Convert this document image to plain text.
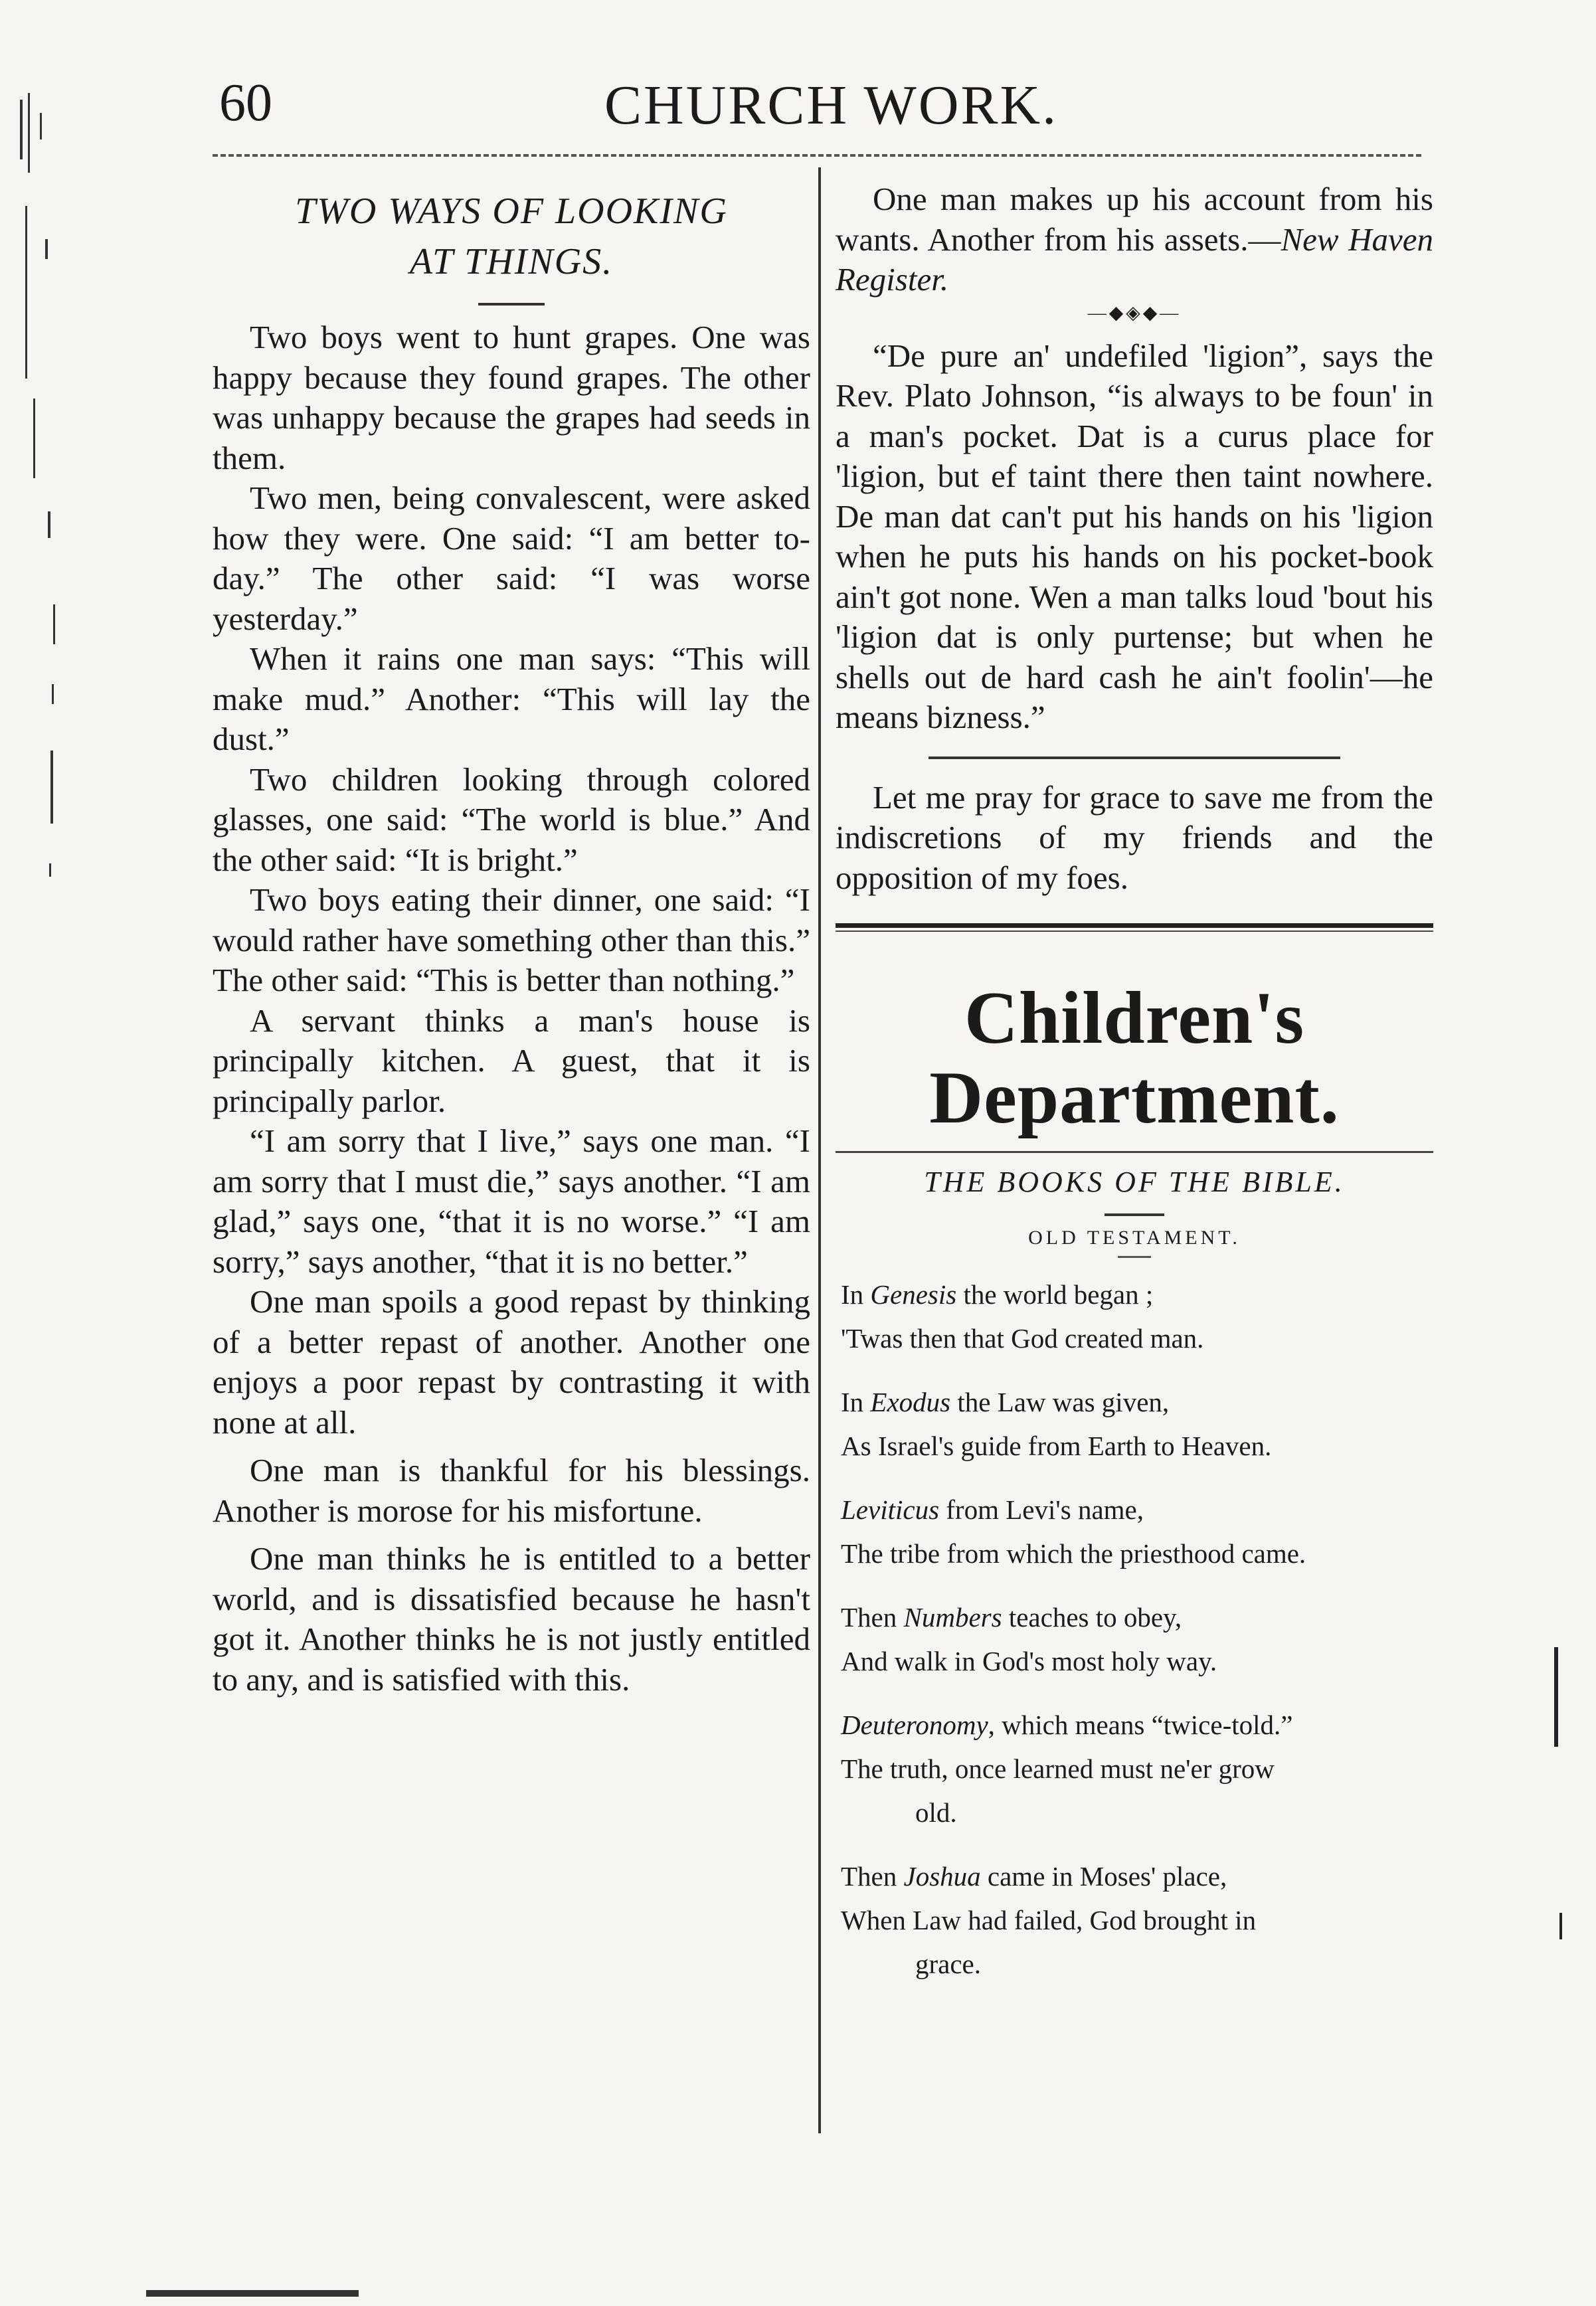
60	CHURCH WORK.
TWO WAYS OF LOOKING
AT THINGS.

Two boys went to hunt grapes. One was happy because they found grapes. The other was unhappy because the grapes had seeds in them.

Two men, being convalescent, were asked how they were. One said: “I am better to-day.” The other said: “I was worse yesterday.”

When it rains one man says: “This will make mud.” Another: “This will lay the dust.”

Two children looking through colored glasses, one said: “The world is blue.” And the other said: “It is bright.”

Two boys eating their dinner, one said: “I would rather have something other than this.” The other said: “This is better than nothing.”

A servant thinks a man's house is principally kitchen. A guest, that it is principally parlor.

“I am sorry that I live,” says one man. “I am sorry that I must die,” says another. “I am glad,” says one, “that it is no worse.” “I am sorry,” says another, “that it is no better.”

One man spoils a good repast by thinking of a better repast of another. Another one enjoys a poor repast by contrasting it with none at all.

One man is thankful for his blessings. Another is morose for his misfortune.

One man thinks he is entitled to a better world, and is dissatisfied because he hasn't got it. Another thinks he is not justly entitled to any, and is satisfied with this.

One man makes up his account from his wants. Another from his assets.—New Haven Register.

—◆◈◆—

“De pure an' undefiled 'ligion”, says the Rev. Plato Johnson, “is always to be foun' in a man's pocket. Dat is a curus place for 'ligion, but ef taint there then taint nowhere. De man dat can't put his hands on his 'ligion when he puts his hands on his pocket-book ain't got none. Wen a man talks loud 'bout his 'ligion dat is only purtense; but when he shells out de hard cash he ain't foolin'—he means bizness.”

Let me pray for grace to save me from the indiscretions of my friends and the opposition of my foes.

Children's Department.

THE BOOKS OF THE BIBLE.

OLD TESTAMENT.

In Genesis the world began ;
'Twas then that God created man.
In Exodus the Law was given,
As Israel's guide from Earth to Heaven.
Leviticus from Levi's name,
The tribe from which the priesthood came.
Then Numbers teaches to obey,
And walk in God's most holy way.
Deuteronomy, which means “twice-told.”
The truth, once learned must ne'er grow
old.
Then Joshua came in Moses' place,
When Law had failed, God brought in
grace.
